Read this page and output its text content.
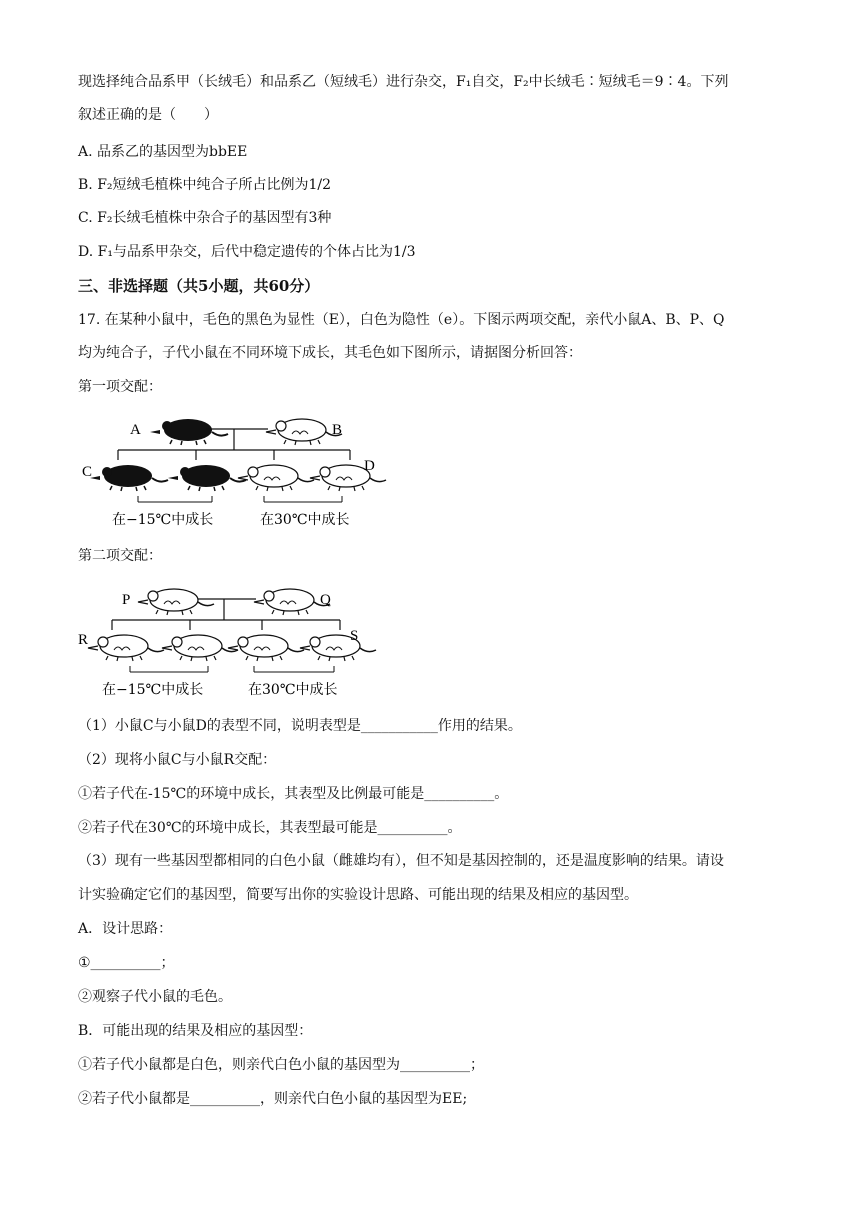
现选择纯合品系甲（长绒毛）和品系乙（短绒毛）进行杂交，F₁自交，F₂中长绒毛∶短绒毛＝9∶4。下列
叙述正确的是（　　）
A. 品系乙的基因型为bbEE
B. F₂短绒毛植株中纯合子所占比例为1/2
C. F₂长绒毛植株中杂合子的基因型有3种
D. F₁与品系甲杂交，后代中稳定遗传的个体占比为1/3
三、非选择题（共5小题，共60分）
17. 在某种小鼠中，毛色的黑色为显性（E），白色为隐性（e）。下图示两项交配，亲代小鼠A、B、P、Q
均为纯合子，子代小鼠在不同环境下成长，其毛色如下图所示，请据图分析回答：
第一项交配：
A	B
C	D
在−15℃中成长	在30℃中成长
第二项交配：
P	Q
R	S
在−15℃中成长	在30℃中成长
（1）小鼠C与小鼠D的表型不同，说明表型是___________作用的结果。
（2）现将小鼠C与小鼠R交配：
①若子代在-15℃的环境中成长，其表型及比例最可能是__________。
②若子代在30℃的环境中成长，其表型最可能是__________。
（3）现有一些基因型都相同的白色小鼠（雌雄均有），但不知是基因控制的，还是温度影响的结果。请设
计实验确定它们的基因型，简要写出你的实验设计思路、可能出现的结果及相应的基因型。
A．设计思路：
①__________；
②观察子代小鼠的毛色。
B．可能出现的结果及相应的基因型：
①若子代小鼠都是白色，则亲代白色小鼠的基因型为__________；
②若子代小鼠都是__________，则亲代白色小鼠的基因型为EE;
